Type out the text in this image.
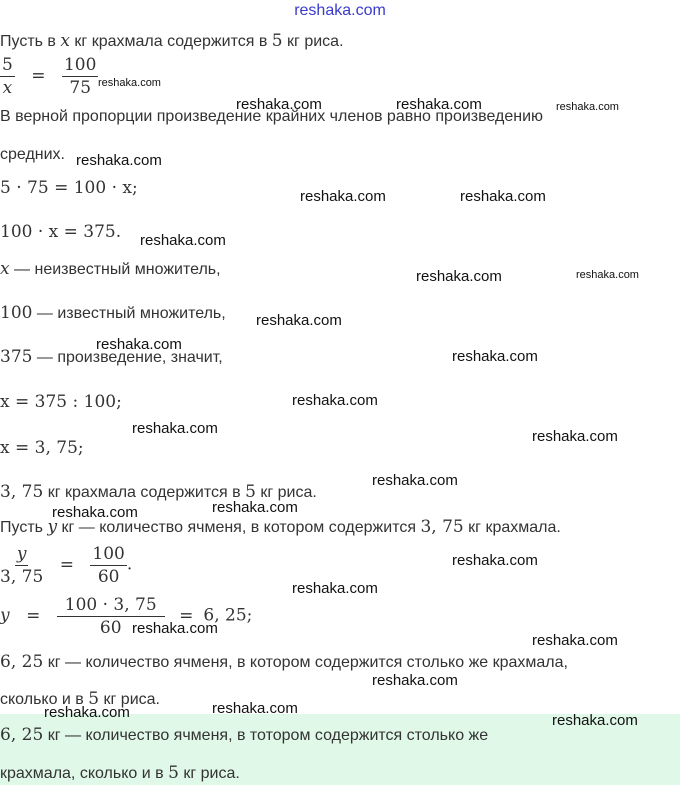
reshaka.com
Пусть в x кг крахмала содержится в 5 кг риса.
$\frac{5}{x} = \frac{100}{75}$
В верной пропорции произведение крайних членов равно произведению
средних.
5 · 75 = 100 · x;
100 · x = 375.
x — неизвестный множитель,
100 — известный множитель,
375 — произведение, значит,
x = 375 : 100;
x = 3, 75;
3, 75 кг крахмала содержится в 5 кг риса.
Пусть y кг — количество ячменя, в котором содержится 3, 75 кг крахмала.
$\frac{y}{3, 75} = \frac{100}{60}$ .
$y = \frac{100 \cdot 3, 75}{60} = 6$, 25;
6, 25 кг — количество ячменя, в котором содержится столько же крахмала,
сколько и в 5 кг риса.
6, 25 кг — количество ячменя, в тотором содержится столько же
крахмала, сколько и в 5 кг риса.
reshaka.com
reshaka.com	reshaka.com	reshaka.com
reshaka.com
reshaka.com	reshaka.com
reshaka.com
reshaka.com	reshaka.com
reshaka.com
reshaka.com
reshaka.com
reshaka.com
reshaka.com	reshaka.com
reshaka.com
reshaka.com	reshaka.com
reshaka.com
reshaka.com
reshaka.com
reshaka.com
reshaka.com
reshaka.com	reshaka.com
reshaka.com
